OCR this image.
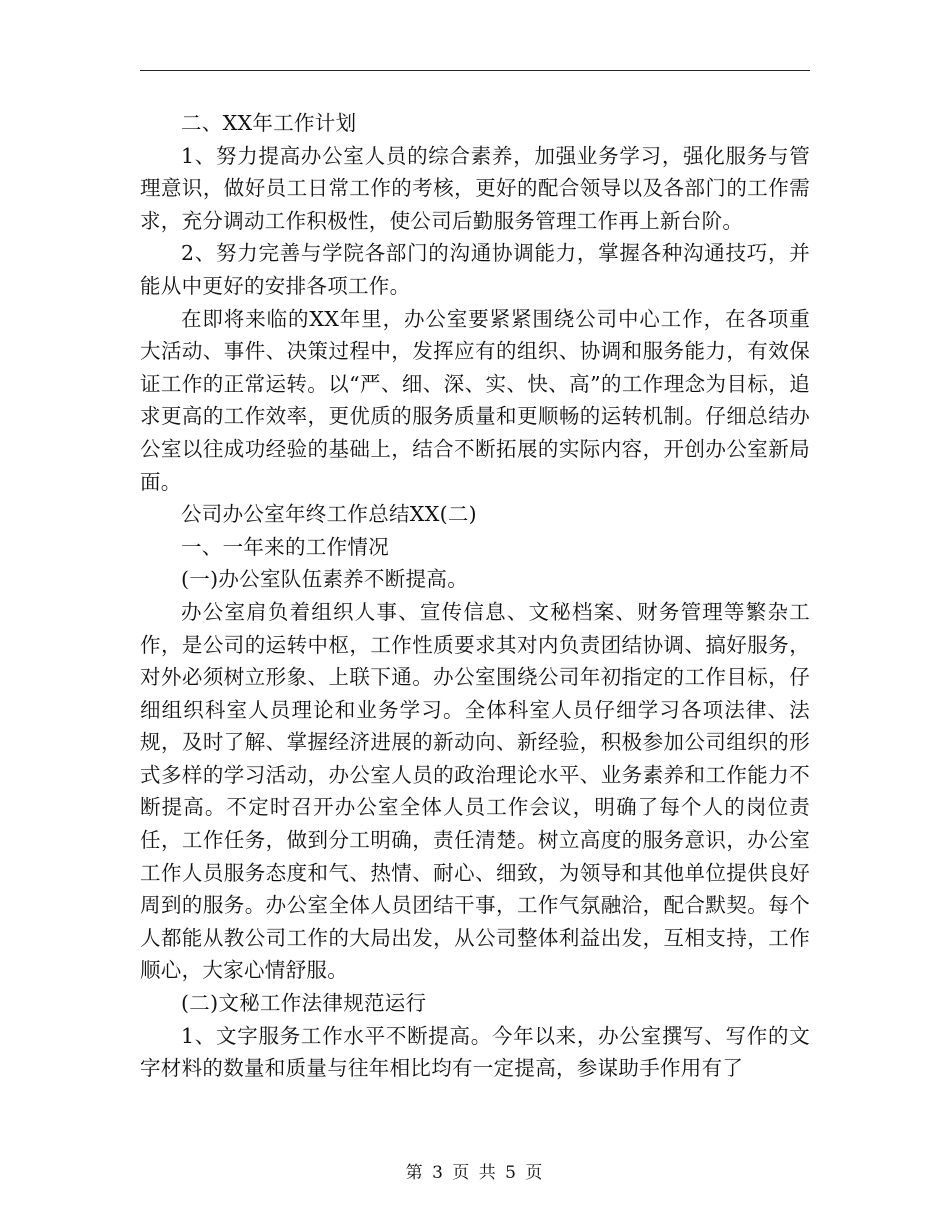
二、XX年工作计划

1、努力提高办公室人员的综合素养，加强业务学习，强化服务与管理意识，做好员工日常工作的考核，更好的配合领导以及各部门的工作需求，充分调动工作积极性，使公司后勤服务管理工作再上新台阶。

2、努力完善与学院各部门的沟通协调能力，掌握各种沟通技巧，并能从中更好的安排各项工作。

在即将来临的XX年里，办公室要紧紧围绕公司中心工作，在各项重大活动、事件、决策过程中，发挥应有的组织、协调和服务能力，有效保证工作的正常运转。以“严、细、深、实、快、高”的工作理念为目标，追求更高的工作效率，更优质的服务质量和更顺畅的运转机制。仔细总结办公室以往成功经验的基础上，结合不断拓展的实际内容，开创办公室新局面。

公司办公室年终工作总结XX(二)

一、一年来的工作情况

(一)办公室队伍素养不断提高。

办公室肩负着组织人事、宣传信息、文秘档案、财务管理等繁杂工作，是公司的运转中枢，工作性质要求其对内负责团结协调、搞好服务，对外必须树立形象、上联下通。办公室围绕公司年初指定的工作目标，仔细组织科室人员理论和业务学习。全体科室人员仔细学习各项法律、法规，及时了解、掌握经济进展的新动向、新经验，积极参加公司组织的形式多样的学习活动，办公室人员的政治理论水平、业务素养和工作能力不断提高。不定时召开办公室全体人员工作会议，明确了每个人的岗位责任，工作任务，做到分工明确，责任清楚。树立高度的服务意识，办公室工作人员服务态度和气、热情、耐心、细致，为领导和其他单位提供良好周到的服务。办公室全体人员团结干事，工作气氛融洽，配合默契。每个人都能从教公司工作的大局出发，从公司整体利益出发，互相支持，工作顺心，大家心情舒服。

(二)文秘工作法律规范运行

1、文字服务工作水平不断提高。今年以来，办公室撰写、写作的文字材料的数量和质量与往年相比均有一定提高，参谋助手作用有了

第 3 页 共 5 页
